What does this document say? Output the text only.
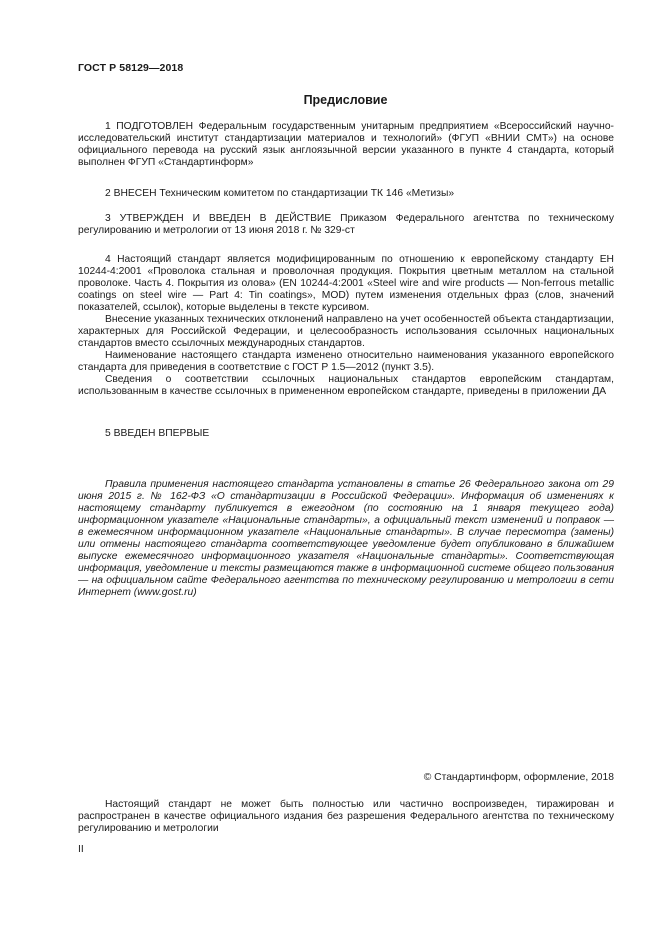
ГОСТ Р 58129—2018
Предисловие

1 ПОДГОТОВЛЕН Федеральным государственным унитарным предприятием «Всероссийский научно-исследовательский институт стандартизации материалов и технологий» (ФГУП «ВНИИ СМТ») на основе официального перевода на русский язык англоязычной версии указанного в пункте 4 стандарта, который выполнен ФГУП «Стандартинформ»

2 ВНЕСЕН Техническим комитетом по стандартизации ТК 146 «Метизы»

3 УТВЕРЖДЕН И ВВЕДЕН В ДЕЙСТВИЕ Приказом Федерального агентства по техническому регулированию и метрологии от 13 июня 2018 г. № 329-ст

4 Настоящий стандарт является модифицированным по отношению к европейскому стандарту ЕН 10244-4:2001 «Проволока стальная и проволочная продукция. Покрытия цветным металлом на стальной проволоке. Часть 4. Покрытия из олова» (EN 10244-4:2001 «Steel wire and wire products — Non-ferrous metallic coatings on steel wire — Part 4: Tin coatings», MOD) путем изменения отдельных фраз (слов, значений показателей, ссылок), которые выделены в тексте курсивом.

Внесение указанных технических отклонений направлено на учет особенностей объекта стандартизации, характерных для Российской Федерации, и целесообразность использования ссылочных национальных стандартов вместо ссылочных международных стандартов.

Наименование настоящего стандарта изменено относительно наименования указанного европейского стандарта для приведения в соответствие с ГОСТ Р 1.5—2012 (пункт 3.5).

Сведения о соответствии ссылочных национальных стандартов европейским стандартам, использованным в качестве ссылочных в примененном европейском стандарте, приведены в приложении ДА

5 ВВЕДЕН ВПЕРВЫЕ

Правила применения настоящего стандарта установлены в статье 26 Федерального закона от 29 июня 2015 г. № 162-ФЗ «О стандартизации в Российской Федерации». Информация об изменениях к настоящему стандарту публикуется в ежегодном (по состоянию на 1 января текущего года) информационном указателе «Национальные стандарты», а официальный текст изменений и поправок — в ежемесячном информационном указателе «Национальные стандарты». В случае пересмотра (замены) или отмены настоящего стандарта соответствующее уведомление будет опубликовано в ближайшем выпуске ежемесячного информационного указателя «Национальные стандарты». Соответствующая информация, уведомление и тексты размещаются также в информационной системе общего пользования — на официальном сайте Федерального агентства по техническому регулированию и метрологии в сети Интернет (www.gost.ru)

© Стандартинформ, оформление, 2018

Настоящий стандарт не может быть полностью или частично воспроизведен, тиражирован и распространен в качестве официального издания без разрешения Федерального агентства по техническому регулированию и метрологии

II
